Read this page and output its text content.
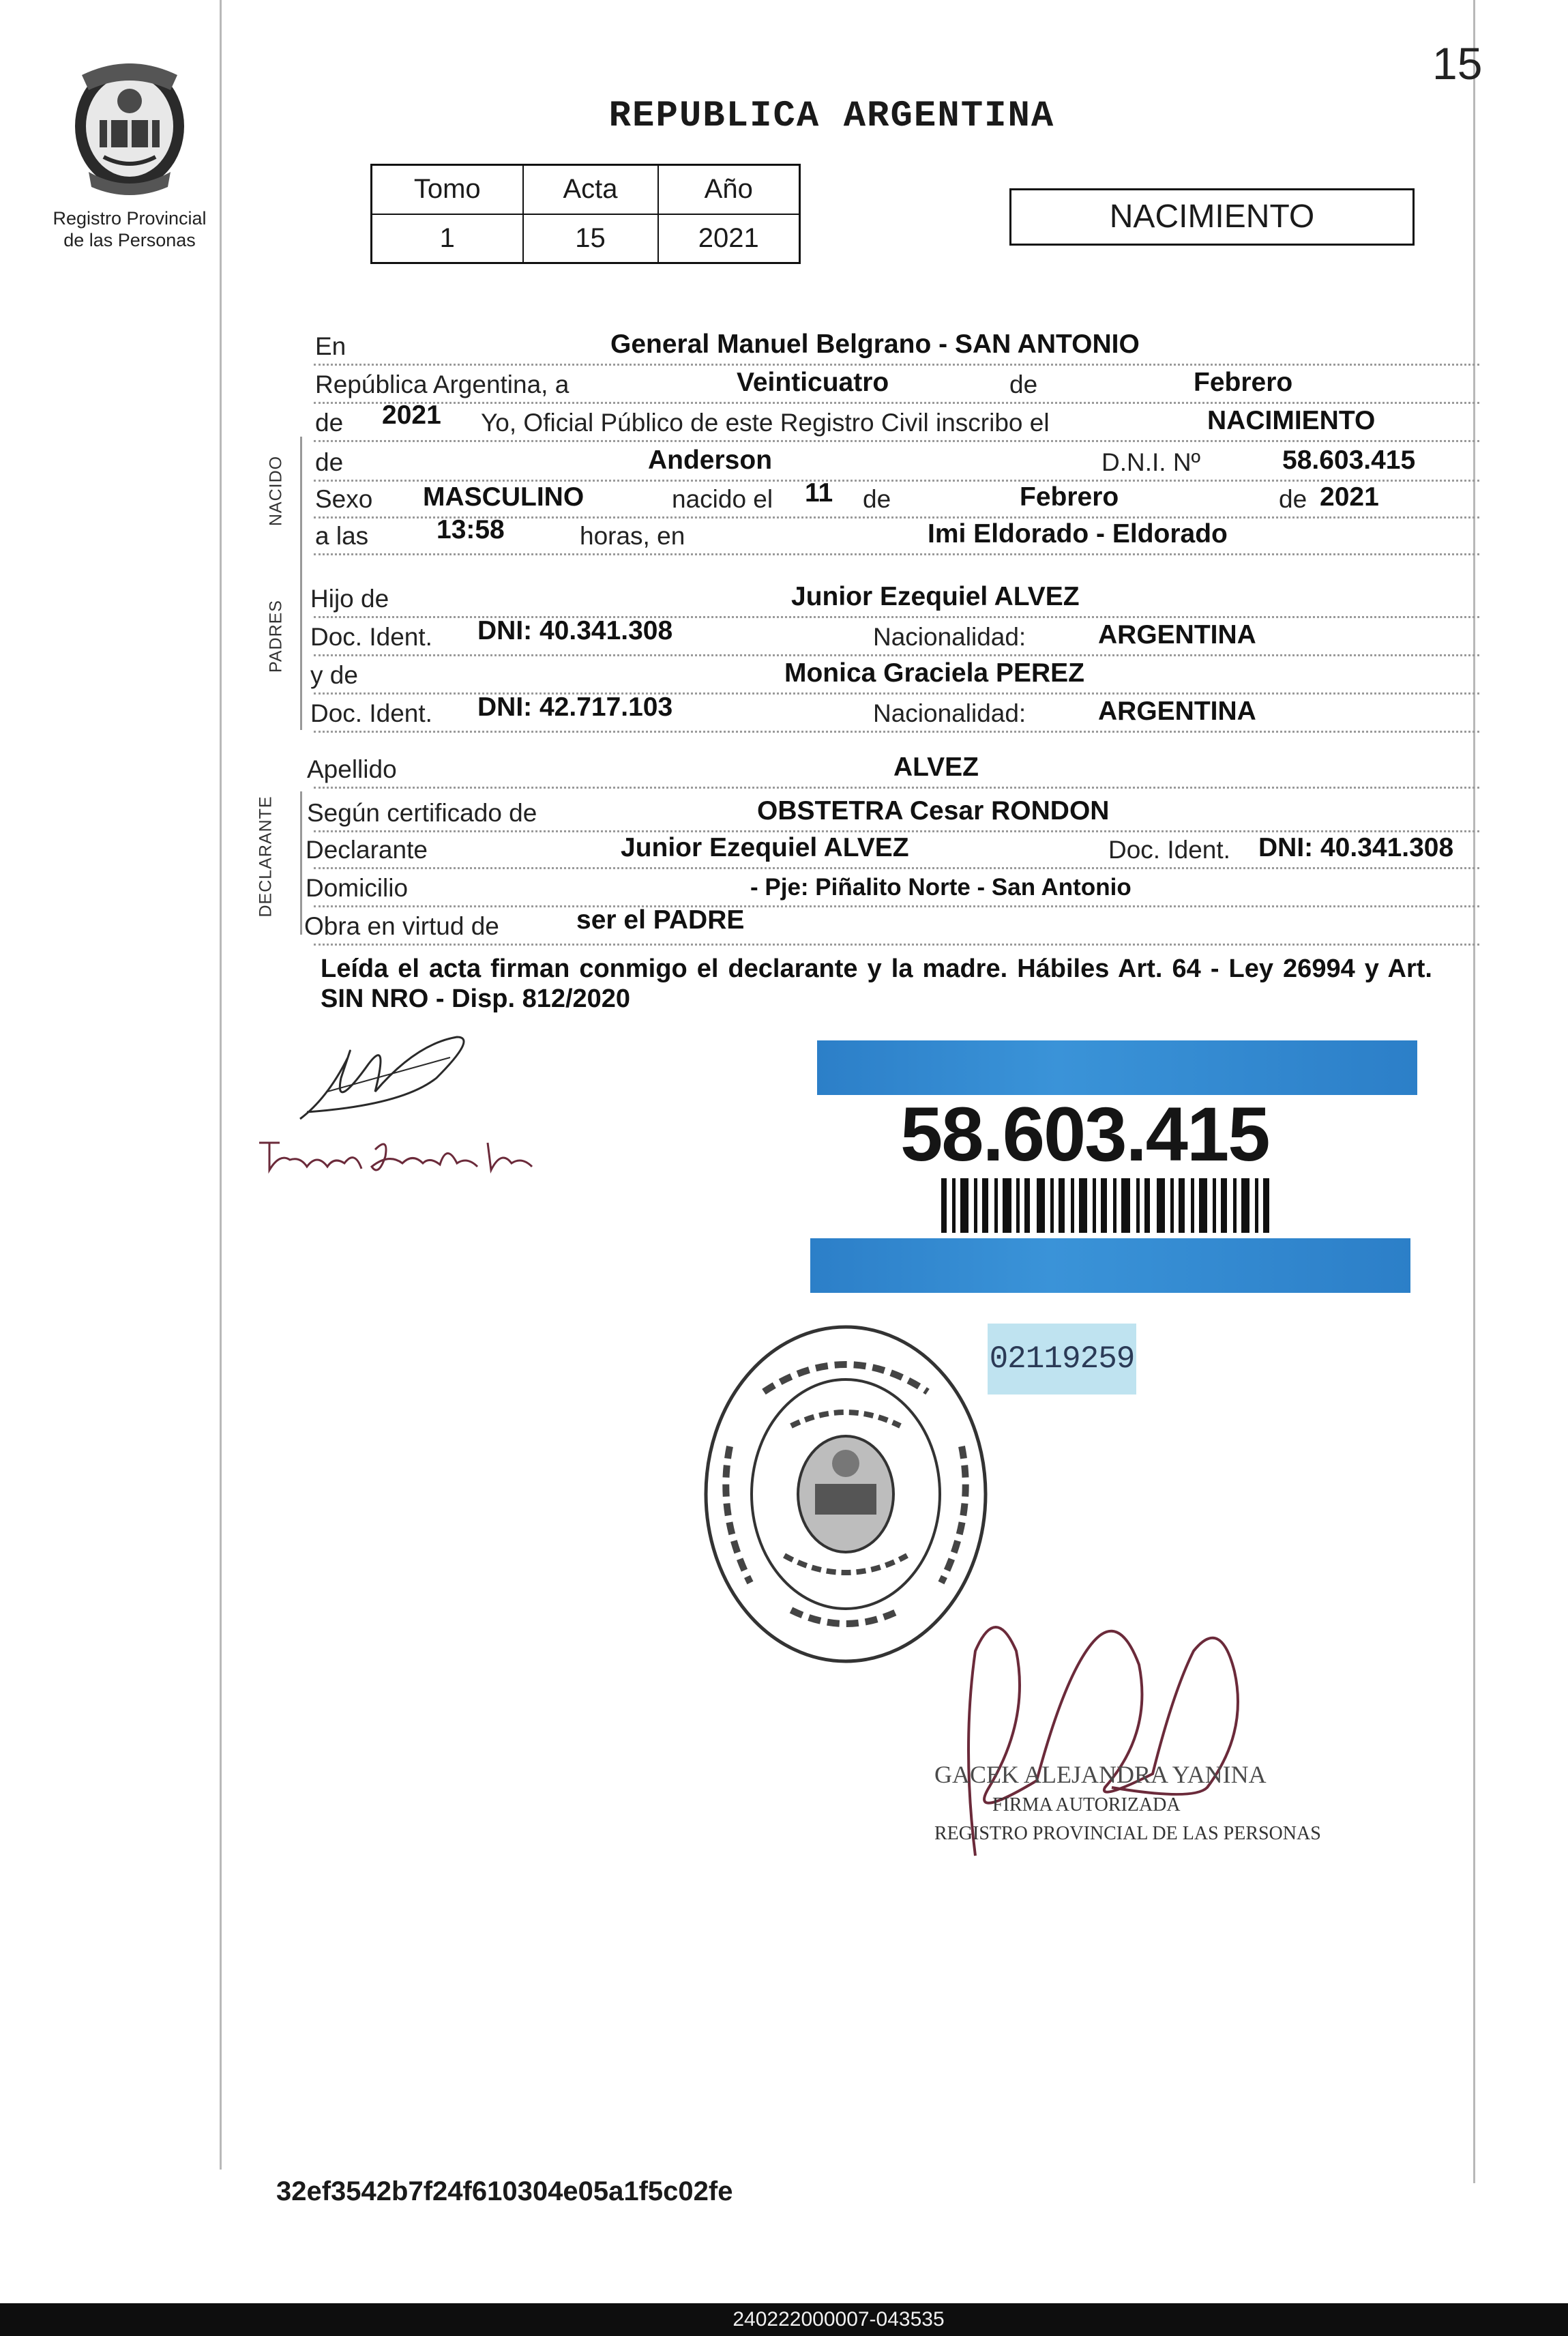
15
REPUBLICA ARGENTINA
Registro Provincial
de las Personas
Tomo	Acta	Año
1	15	2021
NACIMIENTO
NACIDO
PADRES
DECLARANTE
En	General Manuel Belgrano - SAN ANTONIO
República Argentina, a	Veinticuatro	de	Febrero
de 2021 Yo, Oficial Público de este Registro Civil inscribo el	NACIMIENTO
de	Anderson	D.N.I. Nº	58.603.415
Sexo MASCULINO	nacido el 11 de	Febrero	de 2021
a las	13:58	horas, en	Imi Eldorado - Eldorado
Hijo de	Junior Ezequiel ALVEZ
Doc. Ident. DNI: 40.341.308	Nacionalidad:	ARGENTINA
y de	Monica Graciela PEREZ
Doc. Ident. DNI: 42.717.103	Nacionalidad:	ARGENTINA
Apellido	ALVEZ
Según certificado de	OBSTETRA Cesar RONDON
Declarante	Junior Ezequiel ALVEZ	Doc. Ident. DNI: 40.341.308
Domicilio	- Pje: Piñalito Norte - San Antonio
Obra en virtud de	ser el PADRE
Leída el acta firman conmigo el declarante y la madre. Hábiles Art. 64 - Ley 26994 y Art. SIN NRO - Disp. 812/2020
58.603.415
02119259
GACEK ALEJANDRA YANINA
FIRMA AUTORIZADA
REGISTRO PROVINCIAL DE LAS PERSONAS
32ef3542b7f24f610304e05a1f5c02fe
240222000007-043535
